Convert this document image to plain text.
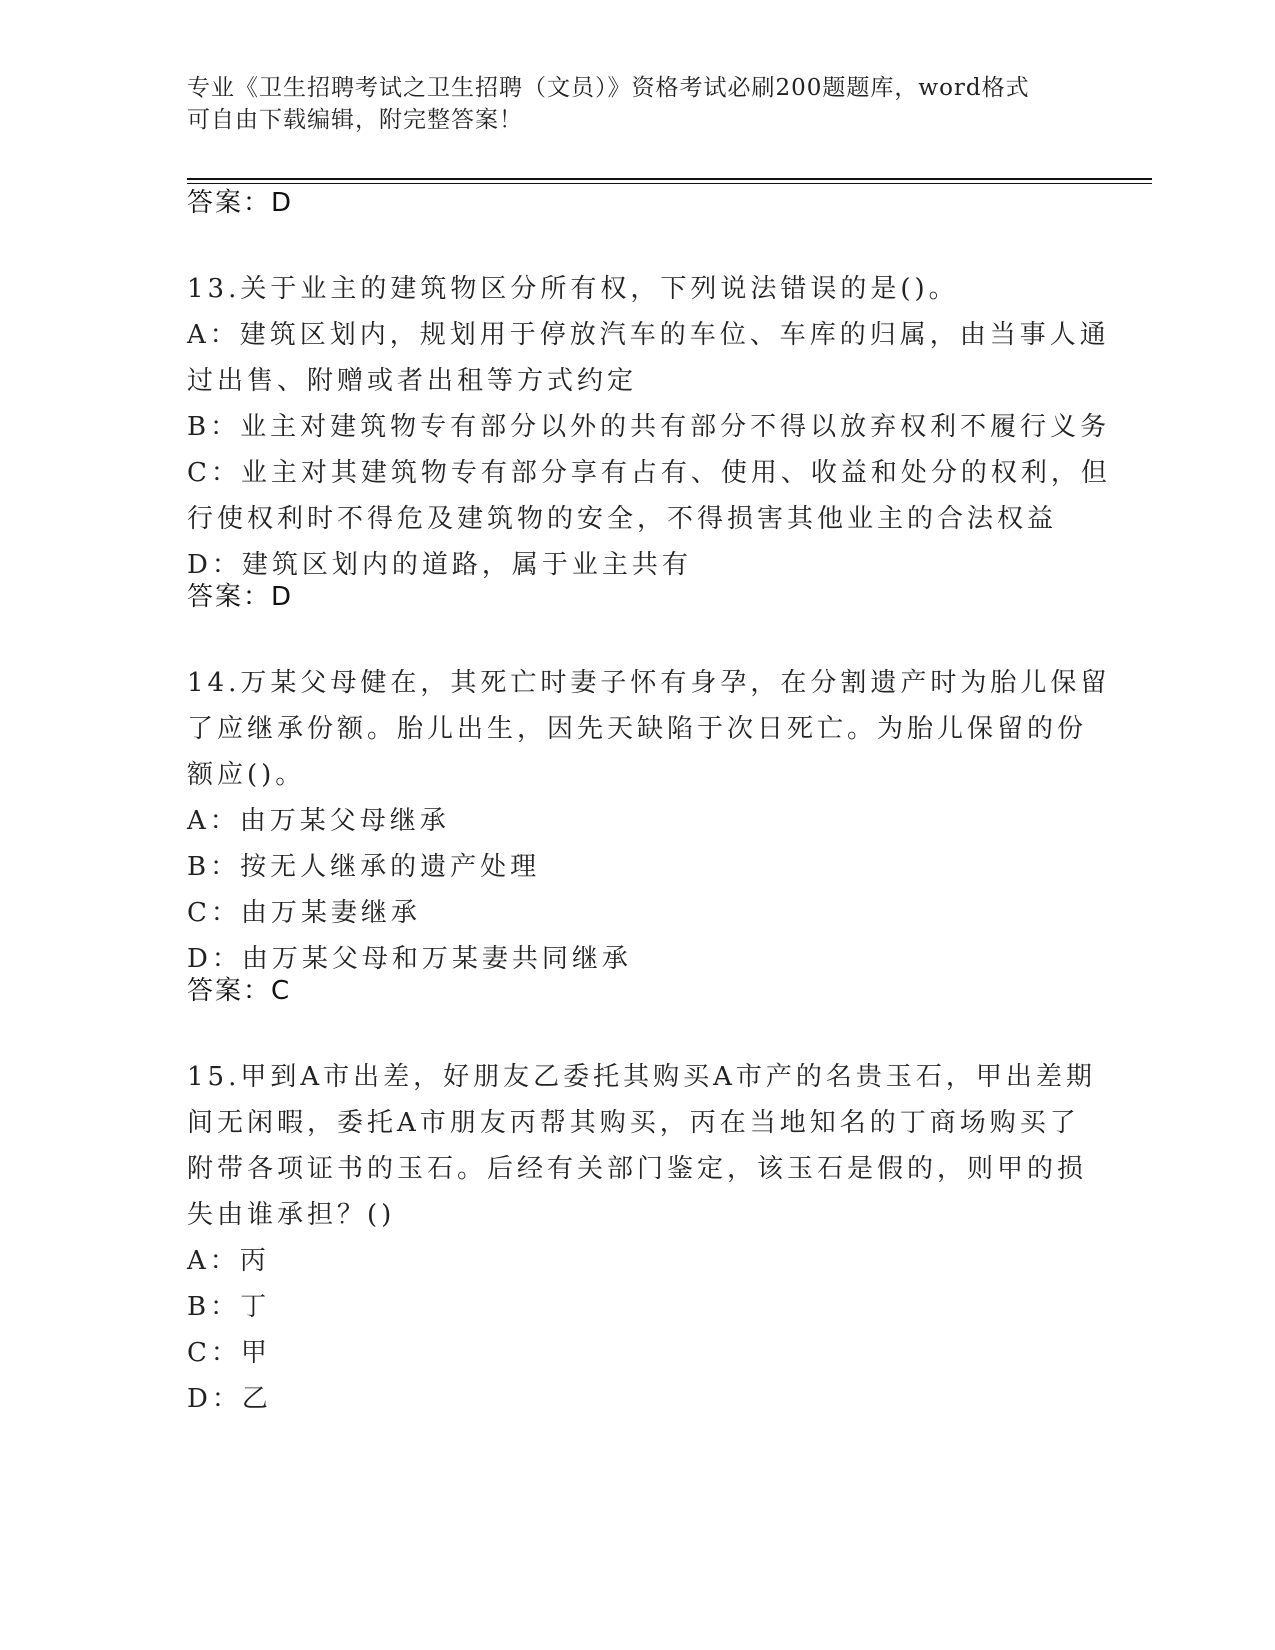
专业《卫生招聘考试之卫生招聘（文员）》资格考试必刷200题题库，word格式
可自由下载编辑，附完整答案！
答案：D
13.关于业主的建筑物区分所有权，下列说法错误的是()。
A：建筑区划内，规划用于停放汽车的车位、车库的归属，由当事人通
过出售、附赠或者出租等方式约定
B：业主对建筑物专有部分以外的共有部分不得以放弃权利不履行义务
C：业主对其建筑物专有部分享有占有、使用、收益和处分的权利，但
行使权利时不得危及建筑物的安全，不得损害其他业主的合法权益
D：建筑区划内的道路，属于业主共有
答案：D
14.万某父母健在，其死亡时妻子怀有身孕，在分割遗产时为胎儿保留
了应继承份额。胎儿出生，因先天缺陷于次日死亡。为胎儿保留的份
额应()。
A：由万某父母继承
B：按无人继承的遗产处理
C：由万某妻继承
D：由万某父母和万某妻共同继承
答案：C
15.甲到A市出差，好朋友乙委托其购买A市产的名贵玉石，甲出差期
间无闲暇，委托A市朋友丙帮其购买，丙在当地知名的丁商场购买了
附带各项证书的玉石。后经有关部门鉴定，该玉石是假的，则甲的损
失由谁承担？()
A：丙
B：丁
C：甲
D：乙
